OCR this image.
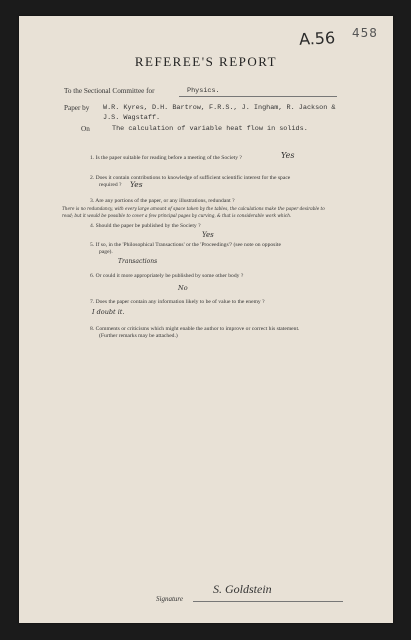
A.56 458
REFEREE'S REPORT
To the Sectional Committee for	Physics.
Paper by W.R. Kyres, D.H. Bartrow, F.R.S., J. Ingham, R. Jackson &
J.S. Wagstaff.
On	The calculation of variable heat flow in solids.
1. Is the paper suitable for reading before a meeting of the Society ?	Yes
2. Does it contain contributions to knowledge of sufficient scientific interest for the space
required ? Yes
3. Are any portions of the paper, or any illustrations, redundant ?
There is no redundancy, with every large amount of space taken by the tables, the calculations make the paper desirable to
read; but it would be possible to cover a few principal pages by curving, & that is considerable work which.
4. Should the paper be published by the Society ?
Yes
5. If so, in the 'Philosophical Transactions' or the 'Proceedings'? (see note on opposite
page).
Transactions
6. Or could it more appropriately be published by some other body ?
No
7. Does the paper contain any information likely to be of value to the enemy ?
I doubt it.
8. Comments or criticisms which might enable the author to improve or correct his statement.
(Further remarks may be attached.)
Signature
S. Goldstein
